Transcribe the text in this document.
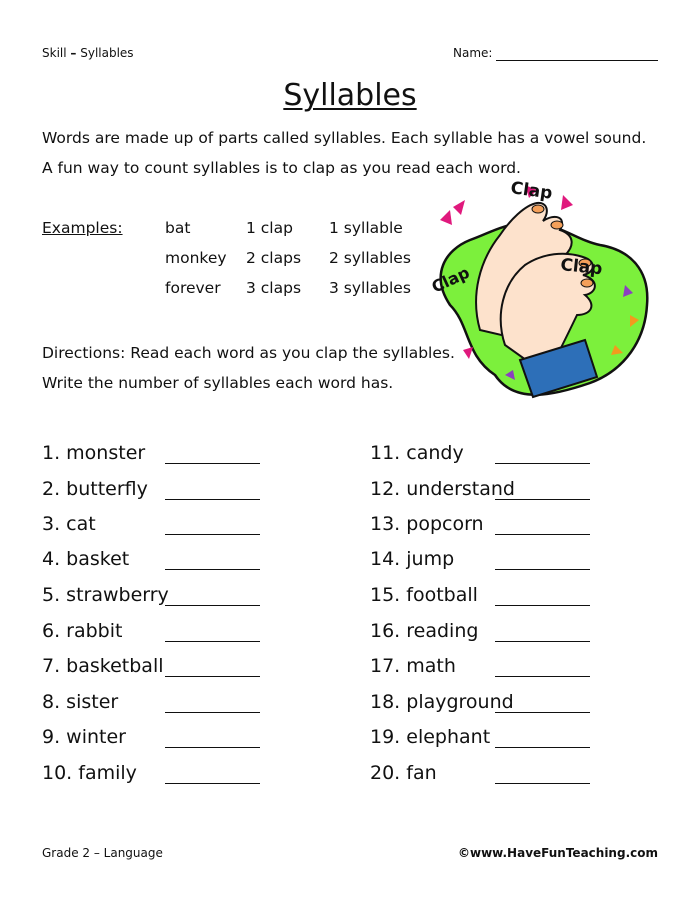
Skill – Syllables	Name:
Syllables
Words are made up of parts called syllables. Each syllable has a vowel sound.
A fun way to count syllables is to clap as you read each word.
Examples:	bat	1 clap 1 syllable
monkey 2 claps 2 syllables
forever 3 claps 3 syllables
Directions: Read each word as you clap the syllables.
Write the number of syllables each word has.
Clap
Clap
Clap
1. monster
2. butterfly
3. cat
4. basket
5. strawberry
6. rabbit
7. basketball
8. sister
9. winter
10. family
11. candy
12. understand
13. popcorn
14. jump
15. football
16. reading
17. math
18. playground
19. elephant
20. fan
Grade 2 – Language	©www.HaveFunTeaching.com
